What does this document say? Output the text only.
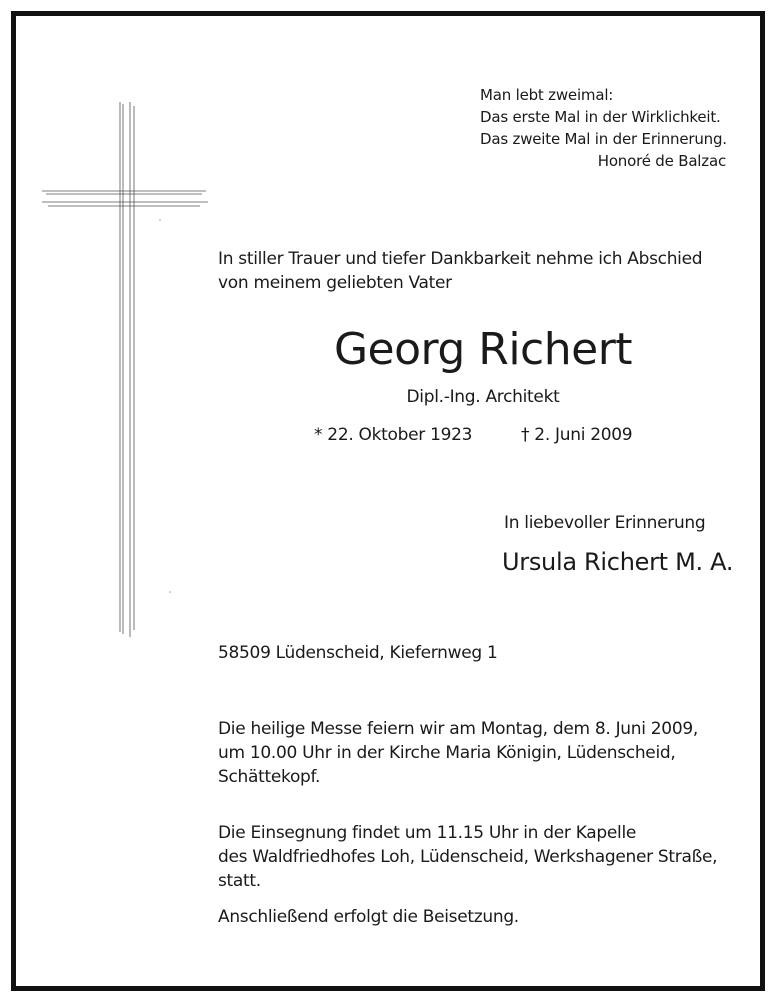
Man lebt zweimal:
Das erste Mal in der Wirklichkeit.
Das zweite Mal in der Erinnerung.
Honoré de Balzac
In stiller Trauer und tiefer Dankbarkeit nehme ich Abschied
von meinem geliebten Vater
Georg Richert
Dipl.-Ing. Architekt
* 22. Oktober 1923	† 2. Juni 2009
In liebevoller Erinnerung
Ursula Richert M. A.
58509 Lüdenscheid, Kiefernweg 1
Die heilige Messe feiern wir am Montag, dem 8. Juni 2009,
um 10.00 Uhr in der Kirche Maria Königin, Lüdenscheid,
Schättekopf.
Die Einsegnung findet um 11.15 Uhr in der Kapelle
des Waldfriedhofes Loh, Lüdenscheid, Werkshagener Straße,
statt.
Anschließend erfolgt die Beisetzung.
